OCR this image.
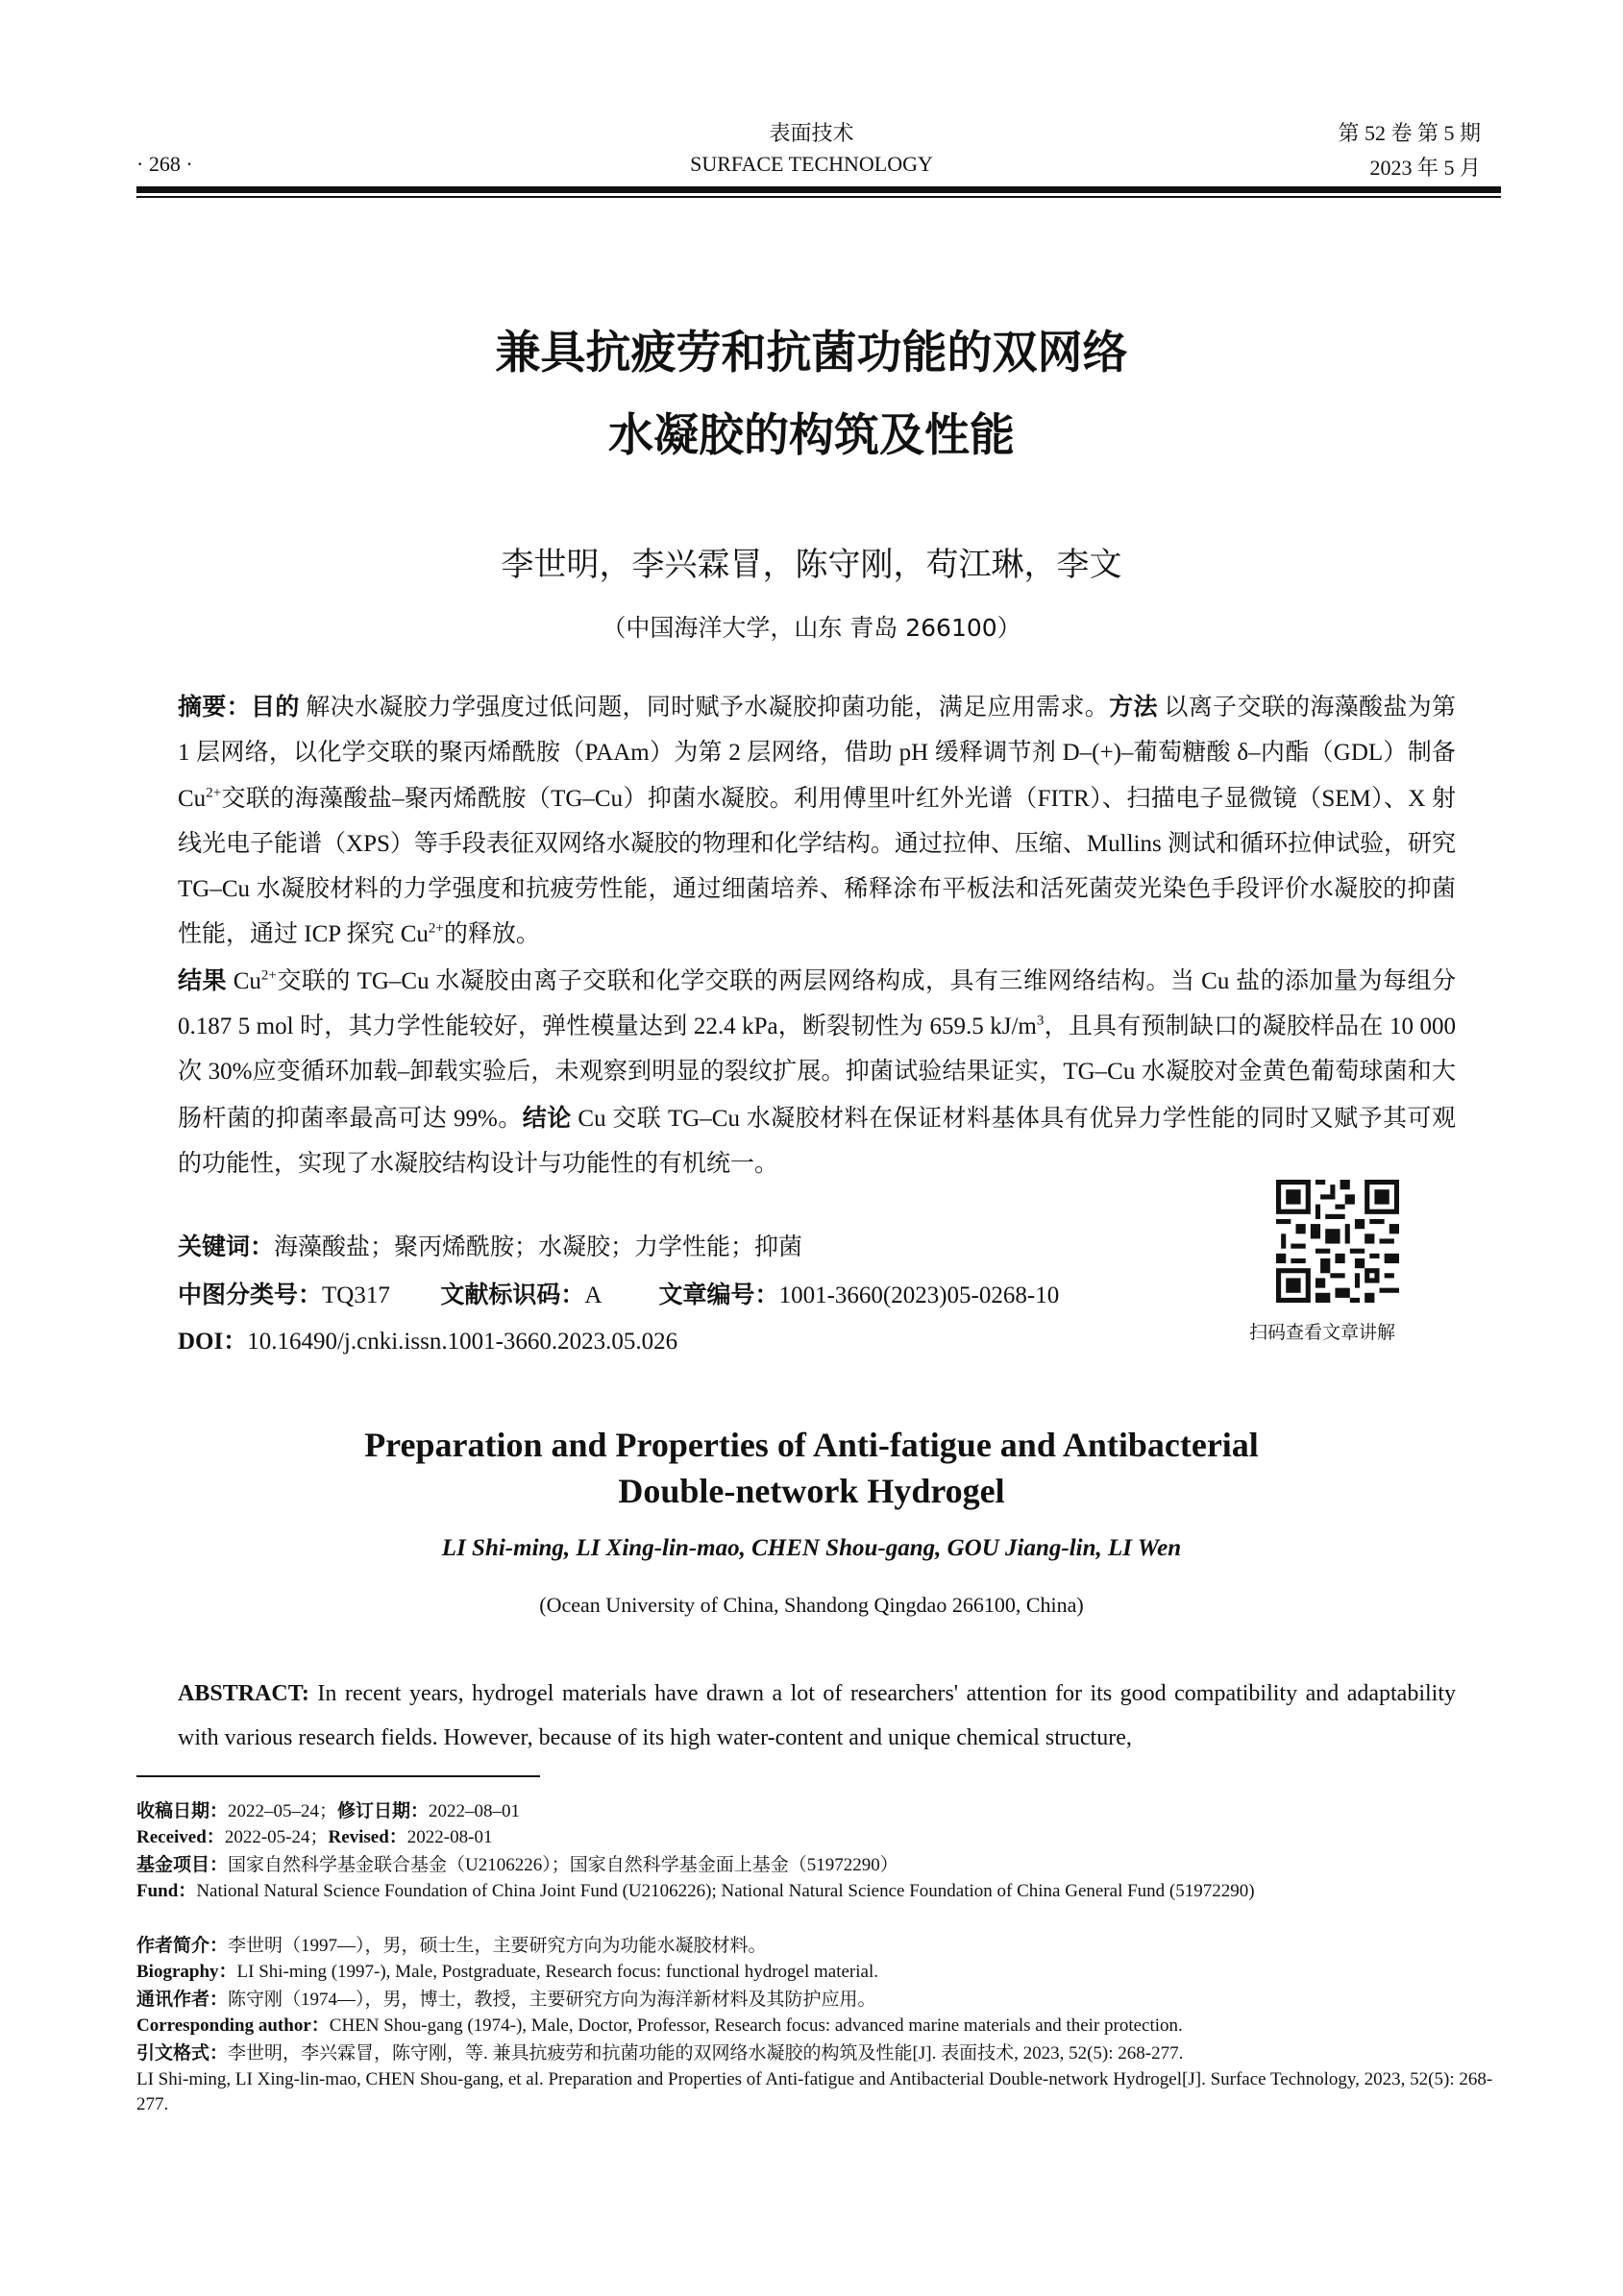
表面技术
SURFACE TECHNOLOGY
· 268 ·
第 52 卷 第 5 期
2023 年 5 月
兼具抗疲劳和抗菌功能的双网络
水凝胶的构筑及性能
李世明，李兴霖冒，陈守刚，苟江琳，李文
（中国海洋大学，山东 青岛 266100）
摘要：目的 解决水凝胶力学强度过低问题，同时赋予水凝胶抑菌功能，满足应用需求。方法 以离子交联的海藻酸盐为第 1 层网络，以化学交联的聚丙烯酰胺（PAAm）为第 2 层网络，借助 pH 缓释调节剂 D–(+)–葡萄糖酸 δ–内酯（GDL）制备 $Cu^{2+}$交联的海藻酸盐–聚丙烯酰胺（TG–Cu）抑菌水凝胶。利用傅里叶红外光谱（FITR）、扫描电子显微镜（SEM）、X 射线光电子能谱（XPS）等手段表征双网络水凝胶的物理和化学结构。通过拉伸、压缩、Mullins 测试和循环拉伸试验，研究 TG–Cu 水凝胶材料的力学强度和抗疲劳性能，通过细菌培养、稀释涂布平板法和活死菌荧光染色手段评价水凝胶的抑菌性能，通过 ICP 探究 $Cu^{2+}$的释放。
结果 $Cu^{2+}$交联的 TG–Cu 水凝胶由离子交联和化学交联的两层网络构成，具有三维网络结构。当 Cu 盐的添加量为每组分 0.187 5 mol 时，其力学性能较好，弹性模量达到 22.4 kPa，断裂韧性为 659.5 $kJ/m^3$，且具有预制缺口的凝胶样品在 10 000 次 30%应变循环加载–卸载实验后，未观察到明显的裂纹扩展。抑菌试验结果证实，TG–Cu 水凝胶对金黄色葡萄球菌和大肠杆菌的抑菌率最高可达 99%。结论 Cu 交联 TG–Cu 水凝胶材料在保证材料基体具有优异力学性能的同时又赋予其可观的功能性，实现了水凝胶结构设计与功能性的有机统一。
关键词：海藻酸盐；聚丙烯酰胺；水凝胶；力学性能；抑菌
中图分类号：TQ317 文献标识码：A 文章编号：1001-3660(2023)05-0268-10
DOI：10.16490/j.cnki.issn.1001-3660.2023.05.026	扫码查看文章讲解
Preparation and Properties of Anti-fatigue and Antibacterial
Double-network Hydrogel
LI Shi-ming, LI Xing-lin-mao, CHEN Shou-gang, GOU Jiang-lin, LI Wen
(Ocean University of China, Shandong Qingdao 266100, China)
ABSTRACT: In recent years, hydrogel materials have drawn a lot of researchers' attention for its good compatibility and adaptability with various research fields. However, because of its high water-content and unique chemical structure,
收稿日期：2022–05–24；修订日期：2022–08–01
Received：2022-05-24；Revised：2022-08-01
基金项目：国家自然科学基金联合基金（U2106226）；国家自然科学基金面上基金（51972290）
Fund：National Natural Science Foundation of China Joint Fund (U2106226); National Natural Science Foundation of China General Fund (51972290)
作者简介：李世明（1997—），男，硕士生，主要研究方向为功能水凝胶材料。
Biography：LI Shi-ming (1997-), Male, Postgraduate, Research focus: functional hydrogel material.
通讯作者：陈守刚（1974—），男，博士，教授，主要研究方向为海洋新材料及其防护应用。
Corresponding author：CHEN Shou-gang (1974-), Male, Doctor, Professor, Research focus: advanced marine materials and their protection.
引文格式：李世明，李兴霖冒，陈守刚，等. 兼具抗疲劳和抗菌功能的双网络水凝胶的构筑及性能[J]. 表面技术, 2023, 52(5): 268-277.
LI Shi-ming, LI Xing-lin-mao, CHEN Shou-gang, et al. Preparation and Properties of Anti-fatigue and Antibacterial Double-network Hydrogel[J]. Surface Technology, 2023, 52(5): 268-277.
